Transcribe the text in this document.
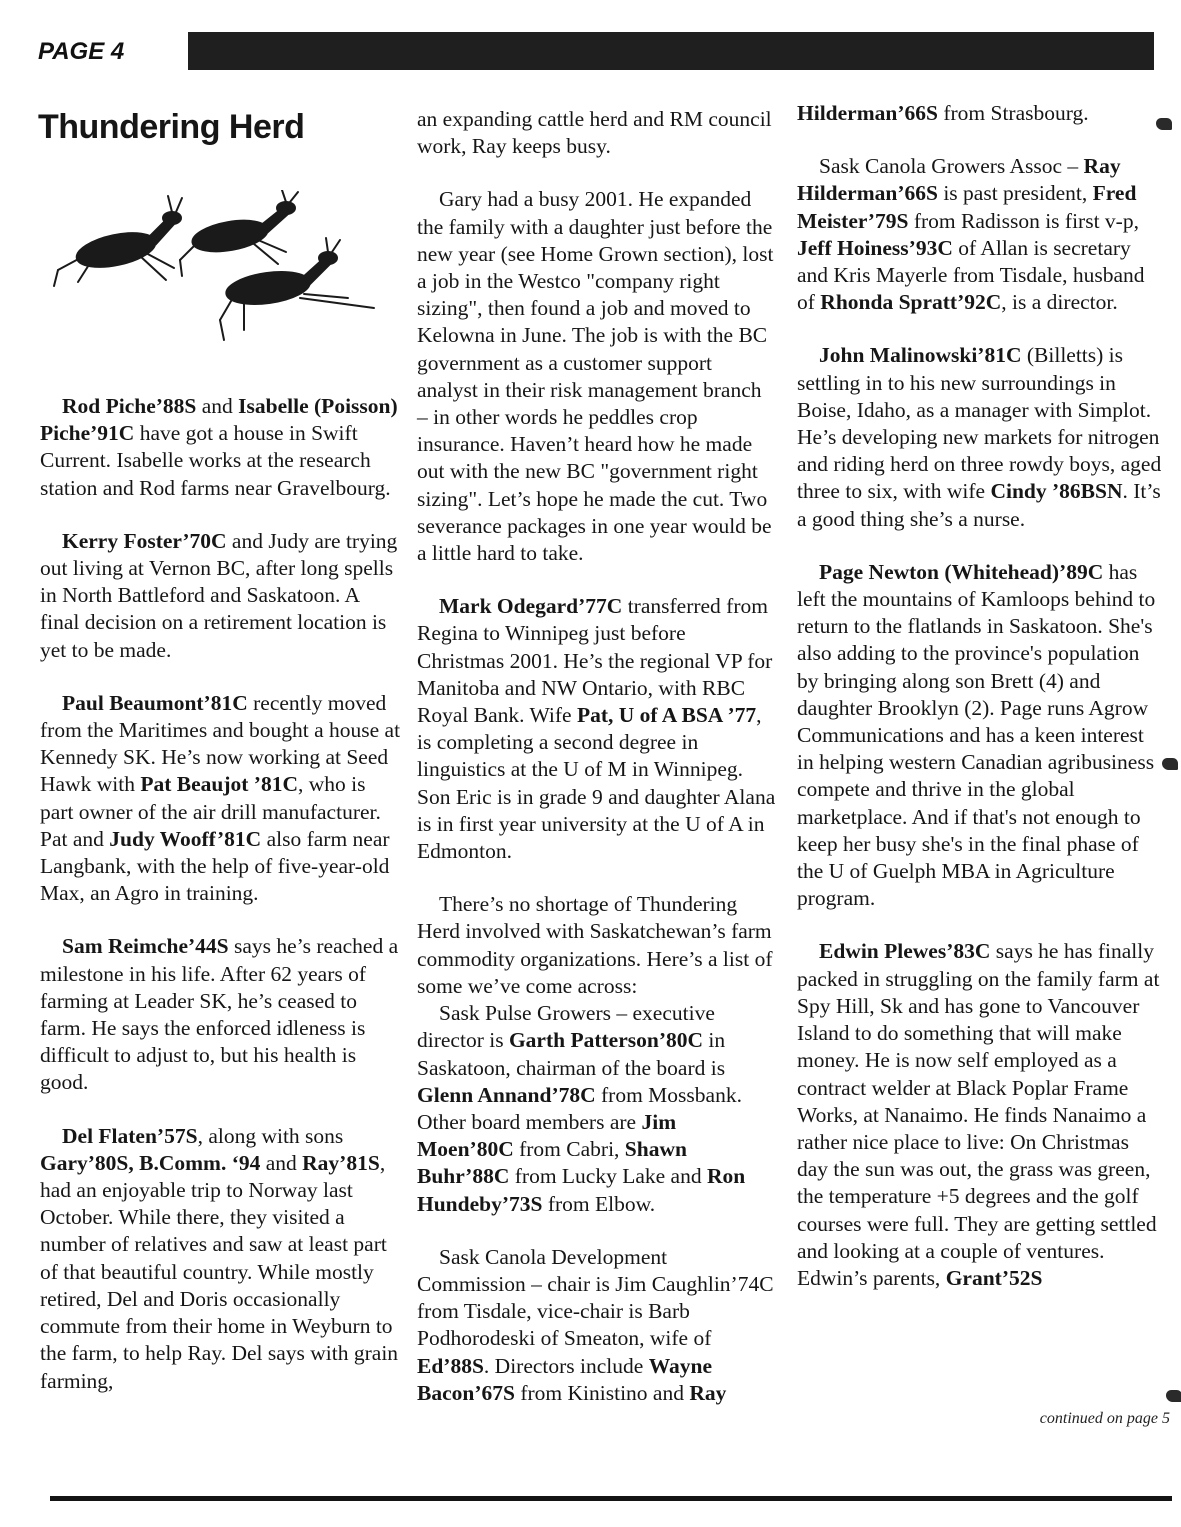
PAGE 4
Thundering Herd

Rod Piche’88S and Isabelle (Poisson) Piche’91C have got a house in Swift Current. Isabelle works at the research station and Rod farms near Gravelbourg.

Kerry Foster’70C and Judy are trying out living at Vernon BC, after long spells in North Battleford and Saskatoon. A final decision on a retirement location is yet to be made.

Paul Beaumont’81C recently moved from the Maritimes and bought a house at Kennedy SK. He’s now working at Seed Hawk with Pat Beaujot ’81C, who is part owner of the air drill manufacturer. Pat and Judy Wooff’81C also farm near Langbank, with the help of five-year-old Max, an Agro in training.

Sam Reimche’44S says he’s reached a milestone in his life. After 62 years of farming at Leader SK, he’s ceased to farm. He says the enforced idleness is difficult to adjust to, but his health is good.

Del Flaten’57S, along with sons Gary’80S, B.Comm. ‘94 and Ray’81S, had an enjoyable trip to Norway last October. While there, they visited a number of relatives and saw at least part of that beautiful country. While mostly retired, Del and Doris occasionally commute from their home in Weyburn to the farm, to help Ray. Del says with grain farming,

an expanding cattle herd and RM council work, Ray keeps busy.

Gary had a busy 2001. He expanded the family with a daughter just before the new year (see Home Grown section), lost a job in the Westco "company right sizing", then found a job and moved to Kelowna in June. The job is with the BC government as a customer support analyst in their risk management branch – in other words he peddles crop insurance. Haven’t heard how he made out with the new BC "government right sizing". Let’s hope he made the cut. Two severance packages in one year would be a little hard to take.

Mark Odegard’77C transferred from Regina to Winnipeg just before Christmas 2001. He’s the regional VP for Manitoba and NW Ontario, with RBC Royal Bank. Wife Pat, U of A BSA ’77, is completing a second degree in linguistics at the U of M in Winnipeg. Son Eric is in grade 9 and daughter Alana is in first year university at the U of A in Edmonton.

There’s no shortage of Thundering Herd involved with Saskatchewan’s farm commodity organizations. Here’s a list of some we’ve come across:

Sask Pulse Growers – executive director is Garth Patterson’80C in Saskatoon, chairman of the board is Glenn Annand’78C from Mossbank. Other board members are Jim Moen’80C from Cabri, Shawn Buhr’88C from Lucky Lake and Ron Hundeby’73S from Elbow.

Sask Canola Development Commission – chair is Jim Caughlin’74C from Tisdale, vice-chair is Barb Podhorodeski of Smeaton, wife of Ed’88S. Directors include Wayne Bacon’67S from Kinistino and Ray

Hilderman’66S from Strasbourg.

Sask Canola Growers Assoc – Ray Hilderman’66S is past president, Fred Meister’79S from Radisson is first v-p, Jeff Hoiness’93C of Allan is secretary and Kris Mayerle from Tisdale, husband of Rhonda Spratt’92C, is a director.

John Malinowski’81C (Billetts) is settling in to his new surroundings in Boise, Idaho, as a manager with Simplot. He’s developing new markets for nitrogen and riding herd on three rowdy boys, aged three to six, with wife Cindy ’86BSN. It’s a good thing she’s a nurse.

Page Newton (Whitehead)’89C has left the mountains of Kamloops behind to return to the flatlands in Saskatoon. She's also adding to the province's population by bringing along son Brett (4) and daughter Brooklyn (2). Page runs Agrow Communications and has a keen interest in helping western Canadian agribusiness compete and thrive in the global marketplace. And if that's not enough to keep her busy she's in the final phase of the U of Guelph MBA in Agriculture program.

Edwin Plewes’83C says he has finally packed in struggling on the family farm at Spy Hill, Sk and has gone to Vancouver Island to do something that will make money. He is now self employed as a contract welder at Black Poplar Frame Works, at Nanaimo. He finds Nanaimo a rather nice place to live: On Christmas day the sun was out, the grass was green, the temperature +5 degrees and the golf courses were full. They are getting settled and looking at a couple of ventures. Edwin’s parents, Grant’52S

continued on page 5
